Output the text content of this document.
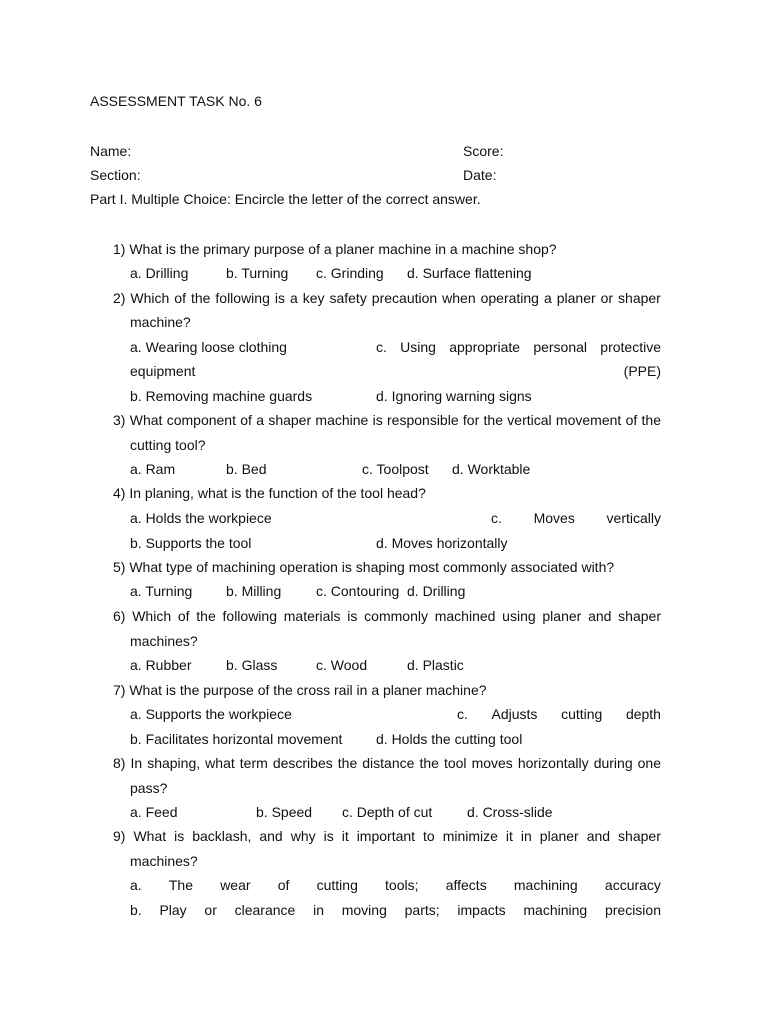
ASSESSMENT TASK No. 6
Name:	Score:
Section:	Date:
Part I. Multiple Choice: Encircle the letter of the correct answer.
1) What is the primary purpose of a planer machine in a machine shop?
a. Drilling	b. Turning c. Grinding d. Surface flattening
2) Which of the following is a key safety precaution when operating a planer or shaper
machine?
a. Wearing loose clothing	c. Using appropriate personal protective
equipment	(PPE)
b. Removing machine guards	d. Ignoring warning signs
3) What component of a shaper machine is responsible for the vertical movement of the
cutting tool?
a. Ram	b. Bed	c. Toolpost d. Worktable
4) In planing, what is the function of the tool head?
a. Holds the workpiece	c. Moves vertically
b. Supports the tool	d. Moves horizontally
5) What type of machining operation is shaping most commonly associated with?
a. Turning b. Milling c. Contouring d. Drilling
6) Which of the following materials is commonly machined using planer and shaper
machines?
a. Rubber b. Glass	c. Wood	d. Plastic
7) What is the purpose of the cross rail in a planer machine?
a. Supports the workpiece	c. Adjusts cutting depth
b. Facilitates horizontal movement d. Holds the cutting tool
8) In shaping, what term describes the distance the tool moves horizontally during one
pass?
a. Feed	b. Speed c. Depth of cut d. Cross-slide
9) What is backlash, and why is it important to minimize it in planer and shaper
machines?
a. The wear of cutting tools; affects machining accuracy
b. Play or clearance in moving parts; impacts machining precision
